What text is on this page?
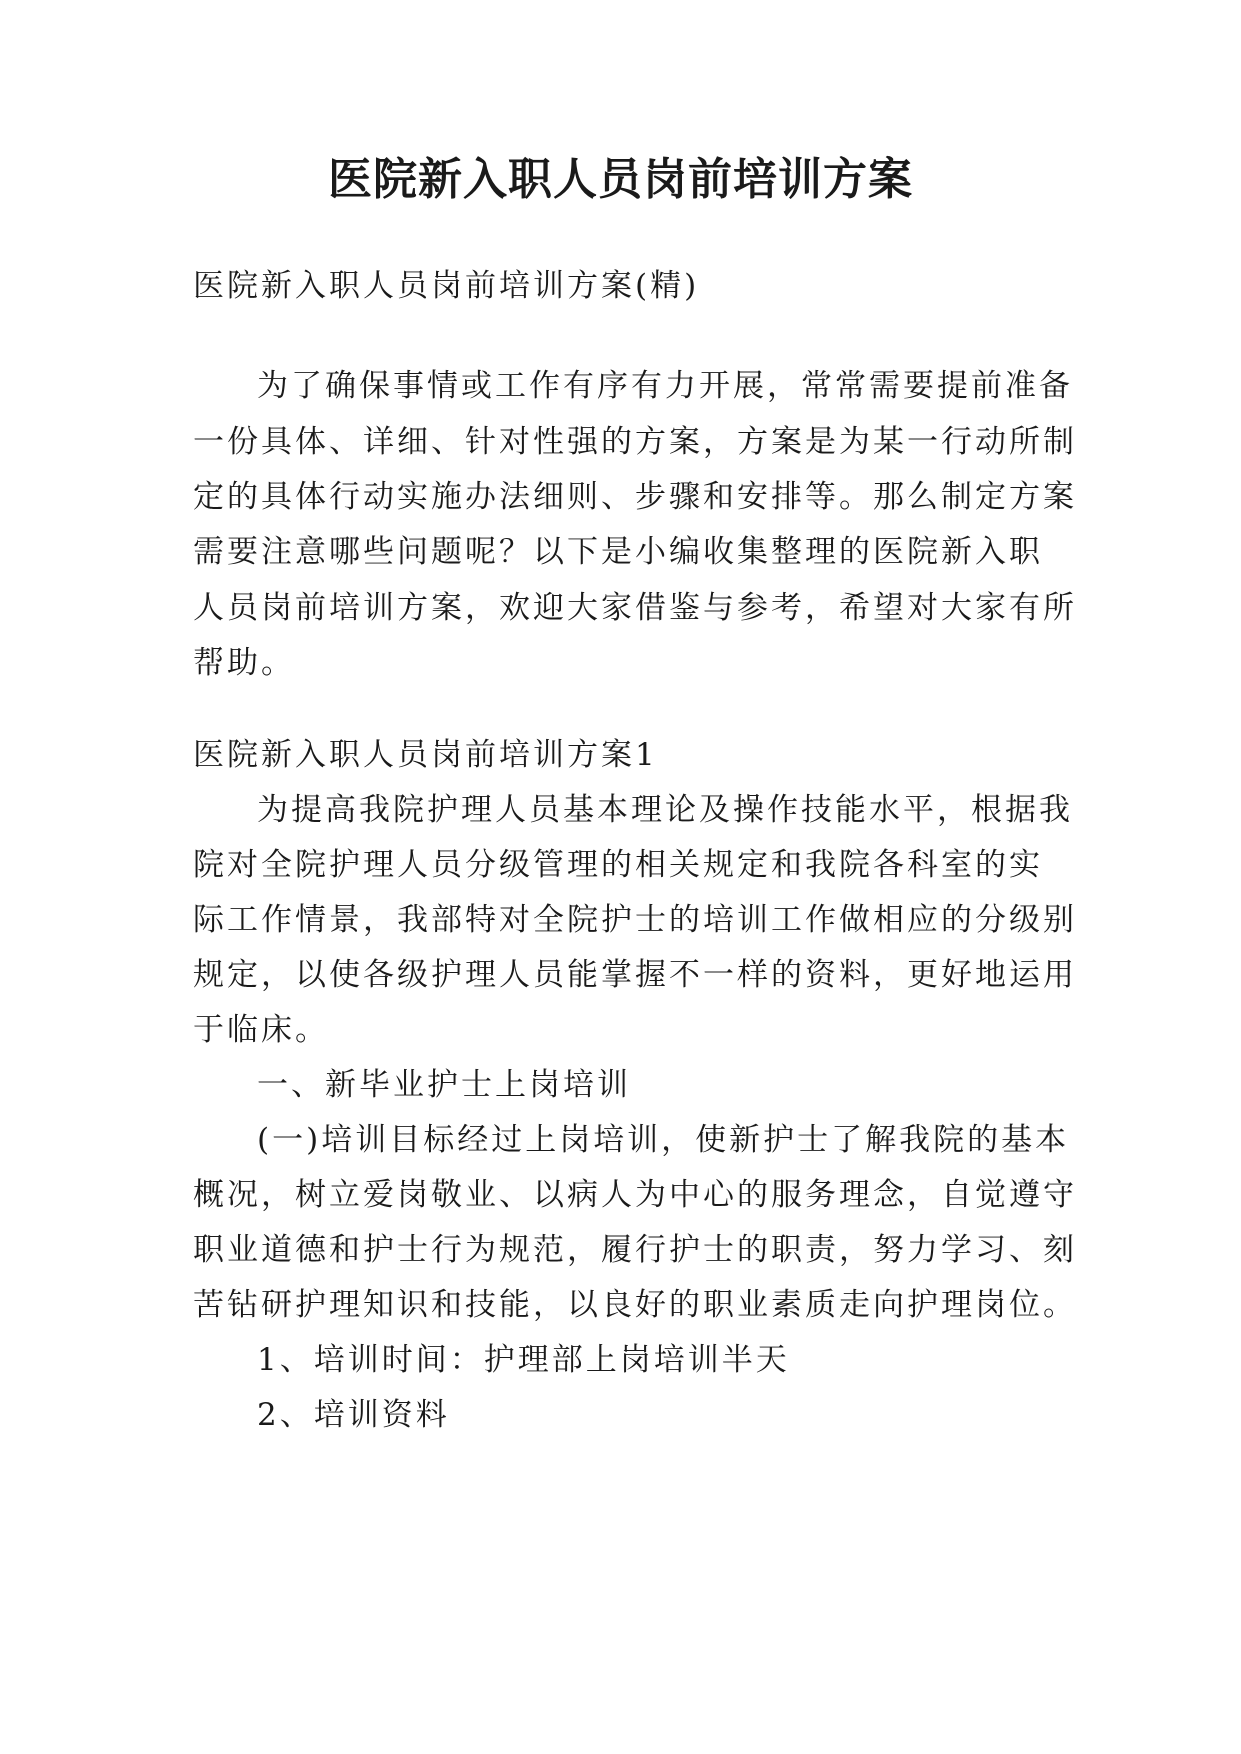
医院新入职人员岗前培训方案
医院新入职人员岗前培训方案(精)
为了确保事情或工作有序有力开展，常常需要提前准备
一份具体、详细、针对性强的方案，方案是为某一行动所制
定的具体行动实施办法细则、步骤和安排等。那么制定方案
需要注意哪些问题呢？以下是小编收集整理的医院新入职
人员岗前培训方案，欢迎大家借鉴与参考，希望对大家有所
帮助。
医院新入职人员岗前培训方案1
为提高我院护理人员基本理论及操作技能水平，根据我
院对全院护理人员分级管理的相关规定和我院各科室的实
际工作情景，我部特对全院护士的培训工作做相应的分级别
规定，以使各级护理人员能掌握不一样的资料，更好地运用
于临床。
一、新毕业护士上岗培训
(一)培训目标经过上岗培训，使新护士了解我院的基本
概况，树立爱岗敬业、以病人为中心的服务理念，自觉遵守
职业道德和护士行为规范，履行护士的职责，努力学习、刻
苦钻研护理知识和技能，以良好的职业素质走向护理岗位。
1、培训时间：护理部上岗培训半天
2、培训资料
